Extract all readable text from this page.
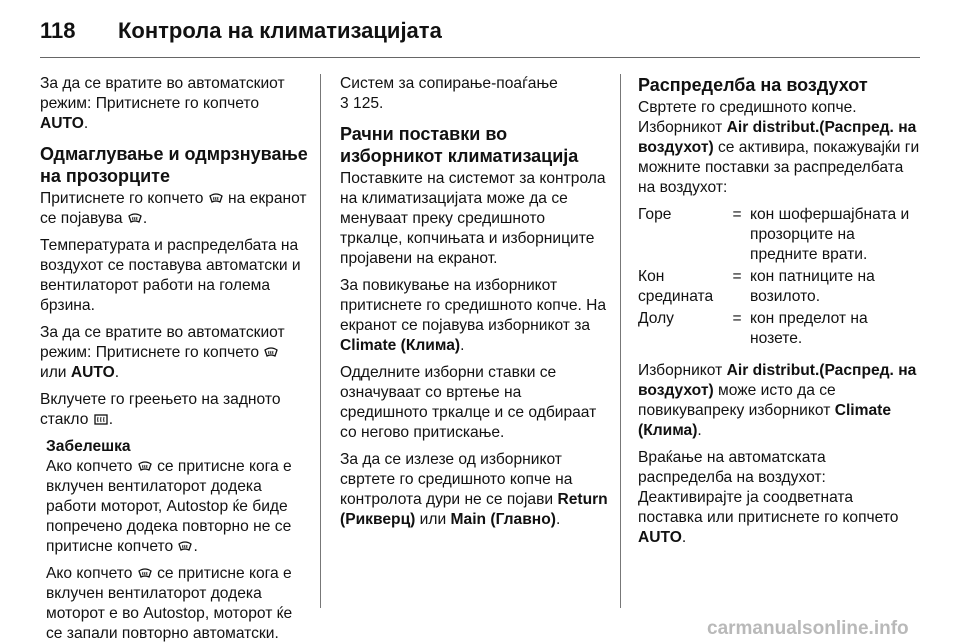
118 Контрола на климатизацијата

За да се вратите во автоматскиот режим: Притиснете го копчето AUTO.

Одмаглување и одмрзнување на прозорците

Притиснете го копчето
на екранот се појавува
.

Температурата и распределбата на воздухот се поставува автоматски и вентилаторот работи на голема брзина.

За да се вратите во автоматскиот режим: Притиснете го копчето
или AUTO.

Вклучете го греењето на задното стакло
.

Забелешка

Ако копчето
се притисне кога е вклучен вентилаторот додека работи моторот, Autostop ќе биде попречено додека повторно не се притисне копчето
.

Ако копчето
се притисне кога е вклучен вентилаторот додека моторот е во Autostop, моторот ќе се запали повторно автоматски.

Систем за сопирање-поаѓање
3 125.

Рачни поставки во изборникот климатизација

Поставките на системот за контрола на климатизацијата може да се менуваат преку средишното тркалце, копчињата и изборниците пројавени на екранот.

За повикување на изборникот притиснете го средишното копче. На екранот се појавува изборникот за Climate (Клима).

Одделните изборни ставки се означуваат со вртење на средишното тркалце и се одбираат со негово притискање.

За да се излезе од изборникот свртете го средишното копче на контролота дури не се појави Return (Рикверц) или Main (Главно).

Распределба на воздухот

Свртете го средишното копче.

Изборникот Air distribut.(Распред. на воздухот) се активира, покажувајќи ги можните поставки за распределбата на воздухот:

Горе	=	кон шофершајбната и прозорците на предните врати.
Кон средината	=	кон патниците на возилото.
Долу	=	кон пределот на нозете.

Изборникот Air distribut.(Распред. на воздухот) може исто да се повикувапреку изборникот Climate (Клима).

Враќање на автоматската распределба на воздухот:

Деактивирајте ја соодветната поставка или притиснете го копчето AUTO.

carmanualsonline.info
